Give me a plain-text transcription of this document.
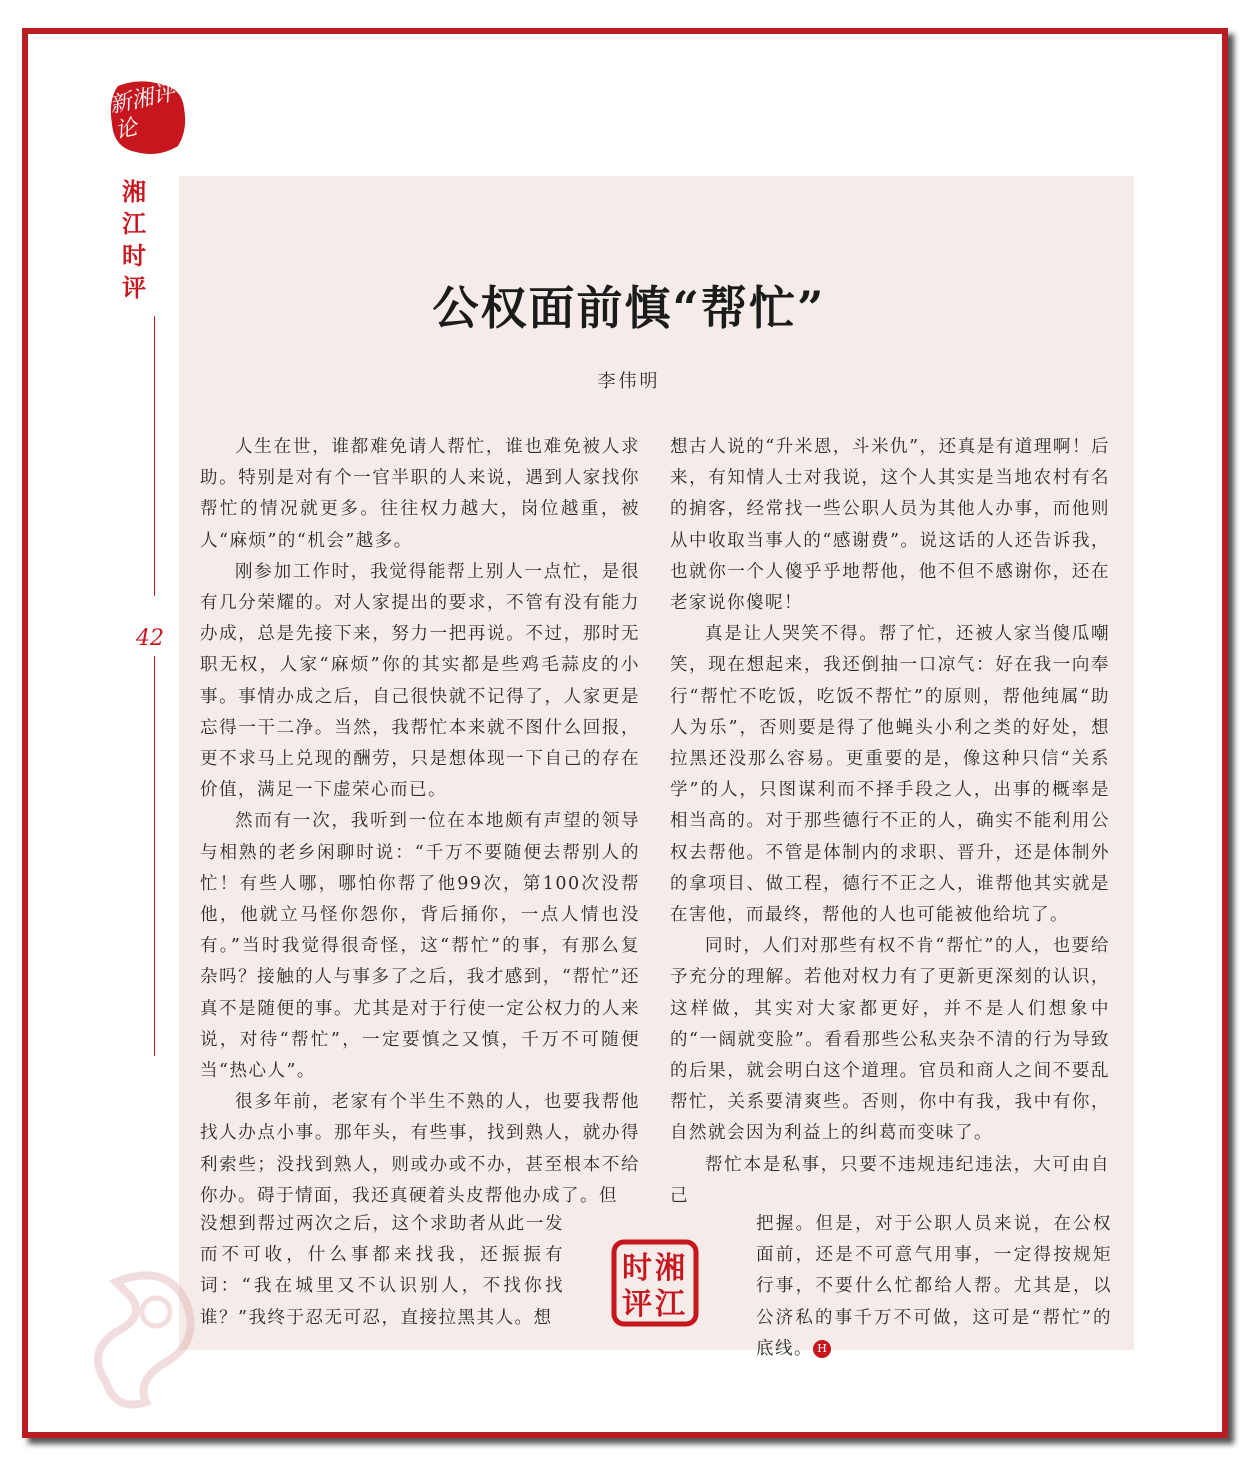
新湘评论
湘
江
时
评
42
公权面前慎“帮忙”
李伟明

人生在世，谁都难免请人帮忙，谁也难免被人求助。特别是对有个一官半职的人来说，遇到人家找你帮忙的情况就更多。往往权力越大，岗位越重，被人“麻烦”的“机会”越多。

刚参加工作时，我觉得能帮上别人一点忙，是很有几分荣耀的。对人家提出的要求，不管有没有能力办成，总是先接下来，努力一把再说。不过，那时无职无权，人家“麻烦”你的其实都是些鸡毛蒜皮的小事。事情办成之后，自己很快就不记得了，人家更是忘得一干二净。当然，我帮忙本来就不图什么回报，更不求马上兑现的酬劳，只是想体现一下自己的存在价值，满足一下虚荣心而已。

然而有一次，我听到一位在本地颇有声望的领导与相熟的老乡闲聊时说：“千万不要随便去帮别人的忙！有些人哪，哪怕你帮了他99次，第100次没帮他，他就立马怪你怨你，背后捅你，一点人情也没有。”当时我觉得很奇怪，这“帮忙”的事，有那么复杂吗？接触的人与事多了之后，我才感到，“帮忙”还真不是随便的事。尤其是对于行使一定公权力的人来说，对待“帮忙”，一定要慎之又慎，千万不可随便当“热心人”。

很多年前，老家有个半生不熟的人，也要我帮他找人办点小事。那年头，有些事，找到熟人，就办得利索些；没找到熟人，则或办或不办，甚至根本不给你办。碍于情面，我还真硬着头皮帮他办成了。但

没想到帮过两次之后，这个求助者从此一发而不可收，什么事都来找我，还振振有词：“我在城里又不认识别人，不找你找谁？”我终于忍无可忍，直接拉黑其人。想

想古人说的“升米恩，斗米仇”，还真是有道理啊！后来，有知情人士对我说，这个人其实是当地农村有名的掮客，经常找一些公职人员为其他人办事，而他则从中收取当事人的“感谢费”。说这话的人还告诉我，也就你一个人傻乎乎地帮他，他不但不感谢你，还在老家说你傻呢！

真是让人哭笑不得。帮了忙，还被人家当傻瓜嘲笑，现在想起来，我还倒抽一口凉气：好在我一向奉行“帮忙不吃饭，吃饭不帮忙”的原则，帮他纯属“助人为乐”，否则要是得了他蝇头小利之类的好处，想拉黑还没那么容易。更重要的是，像这种只信“关系学”的人，只图谋利而不择手段之人，出事的概率是相当高的。对于那些德行不正的人，确实不能利用公权去帮他。不管是体制内的求职、晋升，还是体制外的拿项目、做工程，德行不正之人，谁帮他其实就是在害他，而最终，帮他的人也可能被他给坑了。

同时，人们对那些有权不肯“帮忙”的人，也要给予充分的理解。若他对权力有了更新更深刻的认识，这样做，其实对大家都更好，并不是人们想象中的“一阔就变脸”。看看那些公私夹杂不清的行为导致的后果，就会明白这个道理。官员和商人之间不要乱帮忙，关系要清爽些。否则，你中有我，我中有你，自然就会因为利益上的纠葛而变味了。

帮忙本是私事，只要不违规违纪违法，大可由自己

把握。但是，对于公职人员来说，在公权面前，还是不可意气用事，一定得按规矩行事，不要什么忙都给人帮。尤其是，以公济私的事千万不可做，这可是“帮忙”的底线。 H

湘
江
时
评
